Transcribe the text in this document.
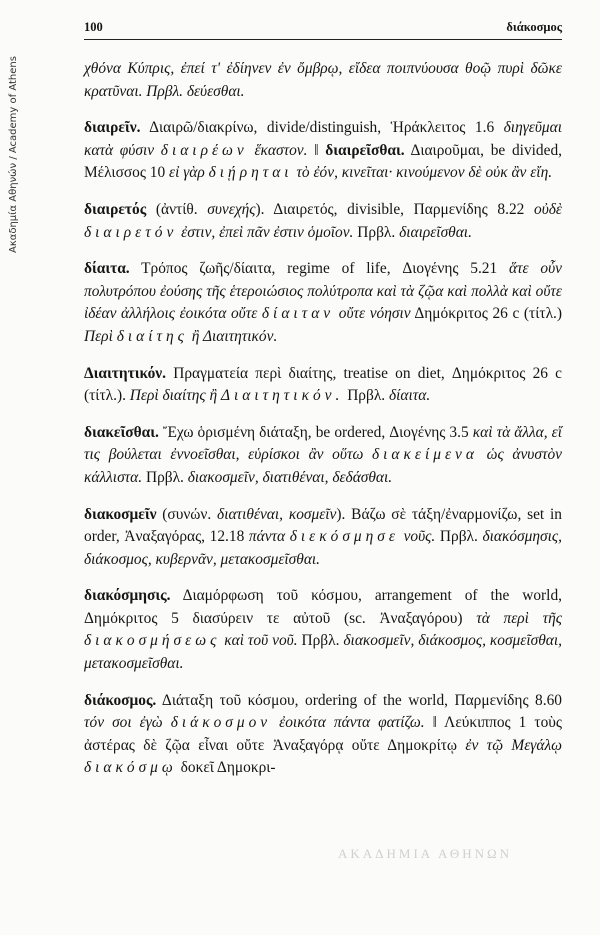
Ακαδημία Αθηνών / Academy of Athens
100	διάκοσμος

χθόνα Κύπρις, ἐπεί τ' ἐδίηνεν ἐν ὄμβρῳ, εἴδεα ποιπνύουσα θοῷ πυρὶ δῶκε κρατῦναι. Πρβλ. δεύεσθαι.

διαιρεῖν. Διαιρῶ/διακρίνω, divide/distinguish, Ἡράκλειτος 1.6 διηγεῦμαι κατὰ φύσιν διαιρέων ἕκαστον. ‖ διαιρεῖσθαι. Διαιροῦμαι, be divided, Μέλισσος 10 εἰ γὰρ διῄρηται τὸ ἐόν, κινεῖται· κινούμενον δὲ οὐκ ἂν εἴη.

διαιρετός (ἀντίθ. συνεχής). Διαιρετός, divisible, Παρμενίδης 8.22 οὐδὲ διαιρετόν ἐστιν, ἐπεὶ πᾶν ἐστιν ὁμοῖον. Πρβλ. διαιρεῖσθαι.

δίαιτα. Τρόπος ζωῆς/δίαιτα, regime of life, Διογένης 5.21 ἅτε οὖν πολυτρόπου ἐούσης τῆς ἑτεροιώσιος πολύτροπα καὶ τὰ ζῷα καὶ πολλὰ καὶ οὔτε ἰδέαν ἀλλήλοις ἐοικότα οὔτε δίαιταν οὔτε νόησιν Δημόκριτος 26 c (τίτλ.) Περὶ διαίτης ἢ Διαιτητικόν.

Διαιτητικόν. Πραγματεία περὶ διαίτης, treatise on diet, Δημόκριτος 26 c (τίτλ.). Περὶ διαίτης ἢ Διαιτητικόν. Πρβλ. δίαιτα.

διακεῖσθαι. Ἔχω ὁρισμένη διάταξη, be ordered, Διογένης 3.5 καὶ τὰ ἄλλα, εἴ τις βούλεται ἐννοεῖσθαι, εὑρίσκοι ἂν οὕτω διακείμενα ὡς ἀνυστὸν κάλλιστα. Πρβλ. διακοσμεῖν, διατιθέναι, δεδάσθαι.

διακοσμεῖν (συνών. διατιθέναι, κοσμεῖν). Βάζω σὲ τάξη/ἐναρμονίζω, set in order, Ἀναξαγόρας, 12.18 πάντα διεκόσμησε νοῦς. Πρβλ. διακόσμησις, διάκοσμος, κυβερνᾶν, μετακοσμεῖσθαι.

διακόσμησις. Διαμόρφωση τοῦ κόσμου, arrangement of the world, Δημόκριτος 5 διασύρειν τε αὐτοῦ (sc. Ἀναξαγόρου) τὰ περὶ τῆς διακοσμήσεως καὶ τοῦ νοῦ. Πρβλ. διακοσμεῖν, διάκοσμος, κοσμεῖσθαι, μετακοσμεῖσθαι.

διάκοσμος. Διάταξη τοῦ κόσμου, ordering of the world, Παρμενίδης 8.60 τόν σοι ἐγὼ διάκοσμον ἐοικότα πάντα φατίζω. ‖ Λεύκιππος 1 τοὺς ἀστέρας δὲ ζῷα εἶναι οὔτε Ἀναξαγόρᾳ οὔτε Δημοκρίτῳ ἐν τῷ Μεγάλῳ διακόσμῳ δοκεῖ Δημοκρι-

ΑΚΑΔΗΜΙΑ ΑΘΗΝΩΝ
